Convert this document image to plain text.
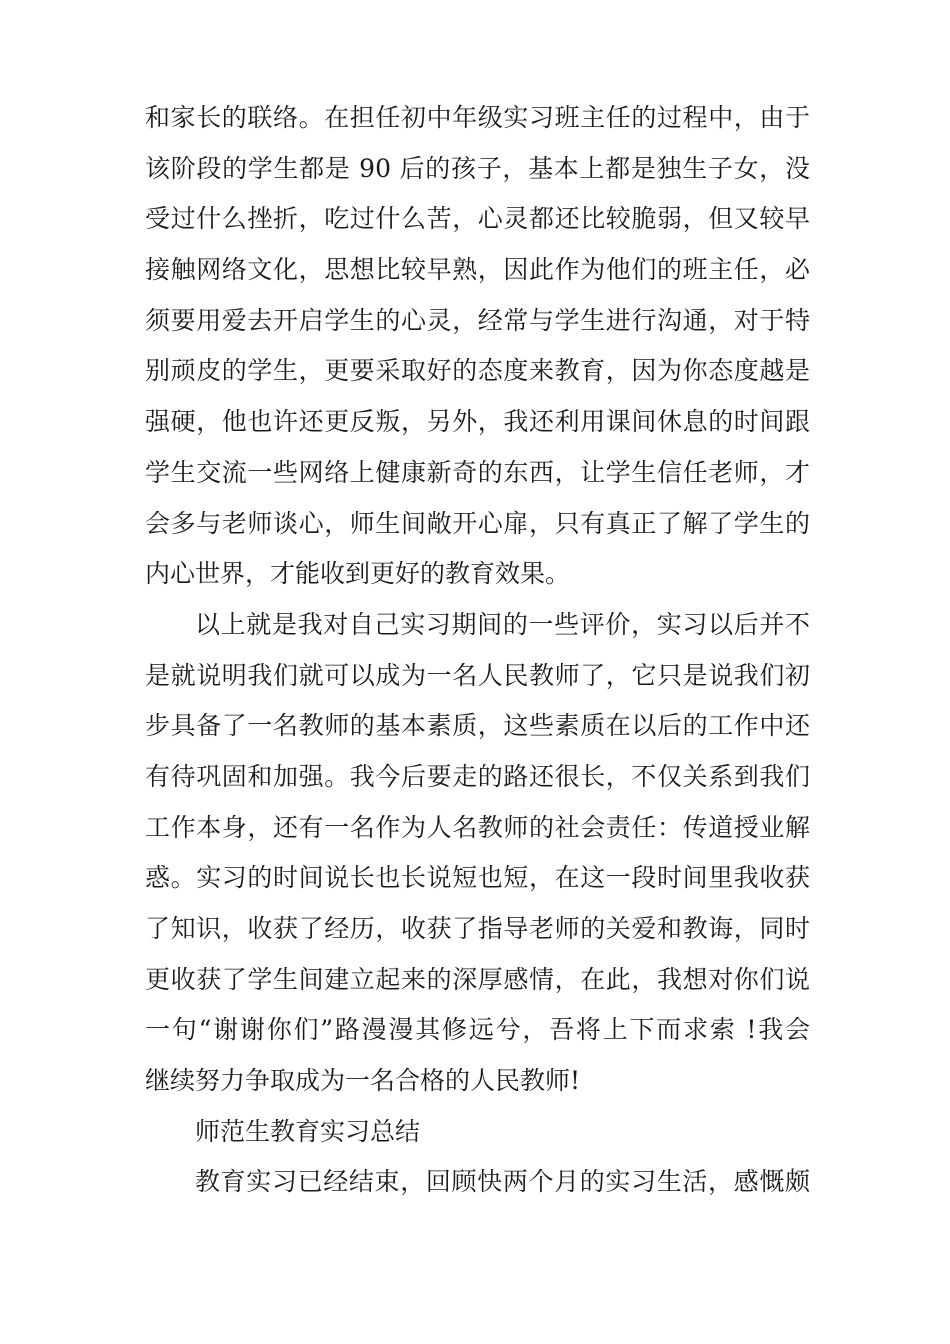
和家长的联络。在担任初中年级实习班主任的过程中，由于
该阶段的学生都是 90 后的孩子，基本上都是独生子女，没
受过什么挫折，吃过什么苦，心灵都还比较脆弱，但又较早
接触网络文化，思想比较早熟，因此作为他们的班主任，必
须要用爱去开启学生的心灵，经常与学生进行沟通，对于特
别顽皮的学生，更要采取好的态度来教育，因为你态度越是
强硬，他也许还更反叛，另外，我还利用课间休息的时间跟
学生交流一些网络上健康新奇的东西，让学生信任老师，才
会多与老师谈心，师生间敞开心扉，只有真正了解了学生的
内心世界，才能收到更好的教育效果。
以上就是我对自己实习期间的一些评价，实习以后并不
是就说明我们就可以成为一名人民教师了，它只是说我们初
步具备了一名教师的基本素质，这些素质在以后的工作中还
有待巩固和加强。我今后要走的路还很长，不仅关系到我们
工作本身，还有一名作为人名教师的社会责任：传道授业解
惑。实习的时间说长也长说短也短，在这一段时间里我收获
了知识，收获了经历，收获了指导老师的关爱和教诲，同时
更收获了学生间建立起来的深厚感情，在此，我想对你们说
一句“谢谢你们”路漫漫其修远兮，吾将上下而求索 !我会
继续努力争取成为一名合格的人民教师!
师范生教育实习总结
教育实习已经结束，回顾快两个月的实习生活，感慨颇
